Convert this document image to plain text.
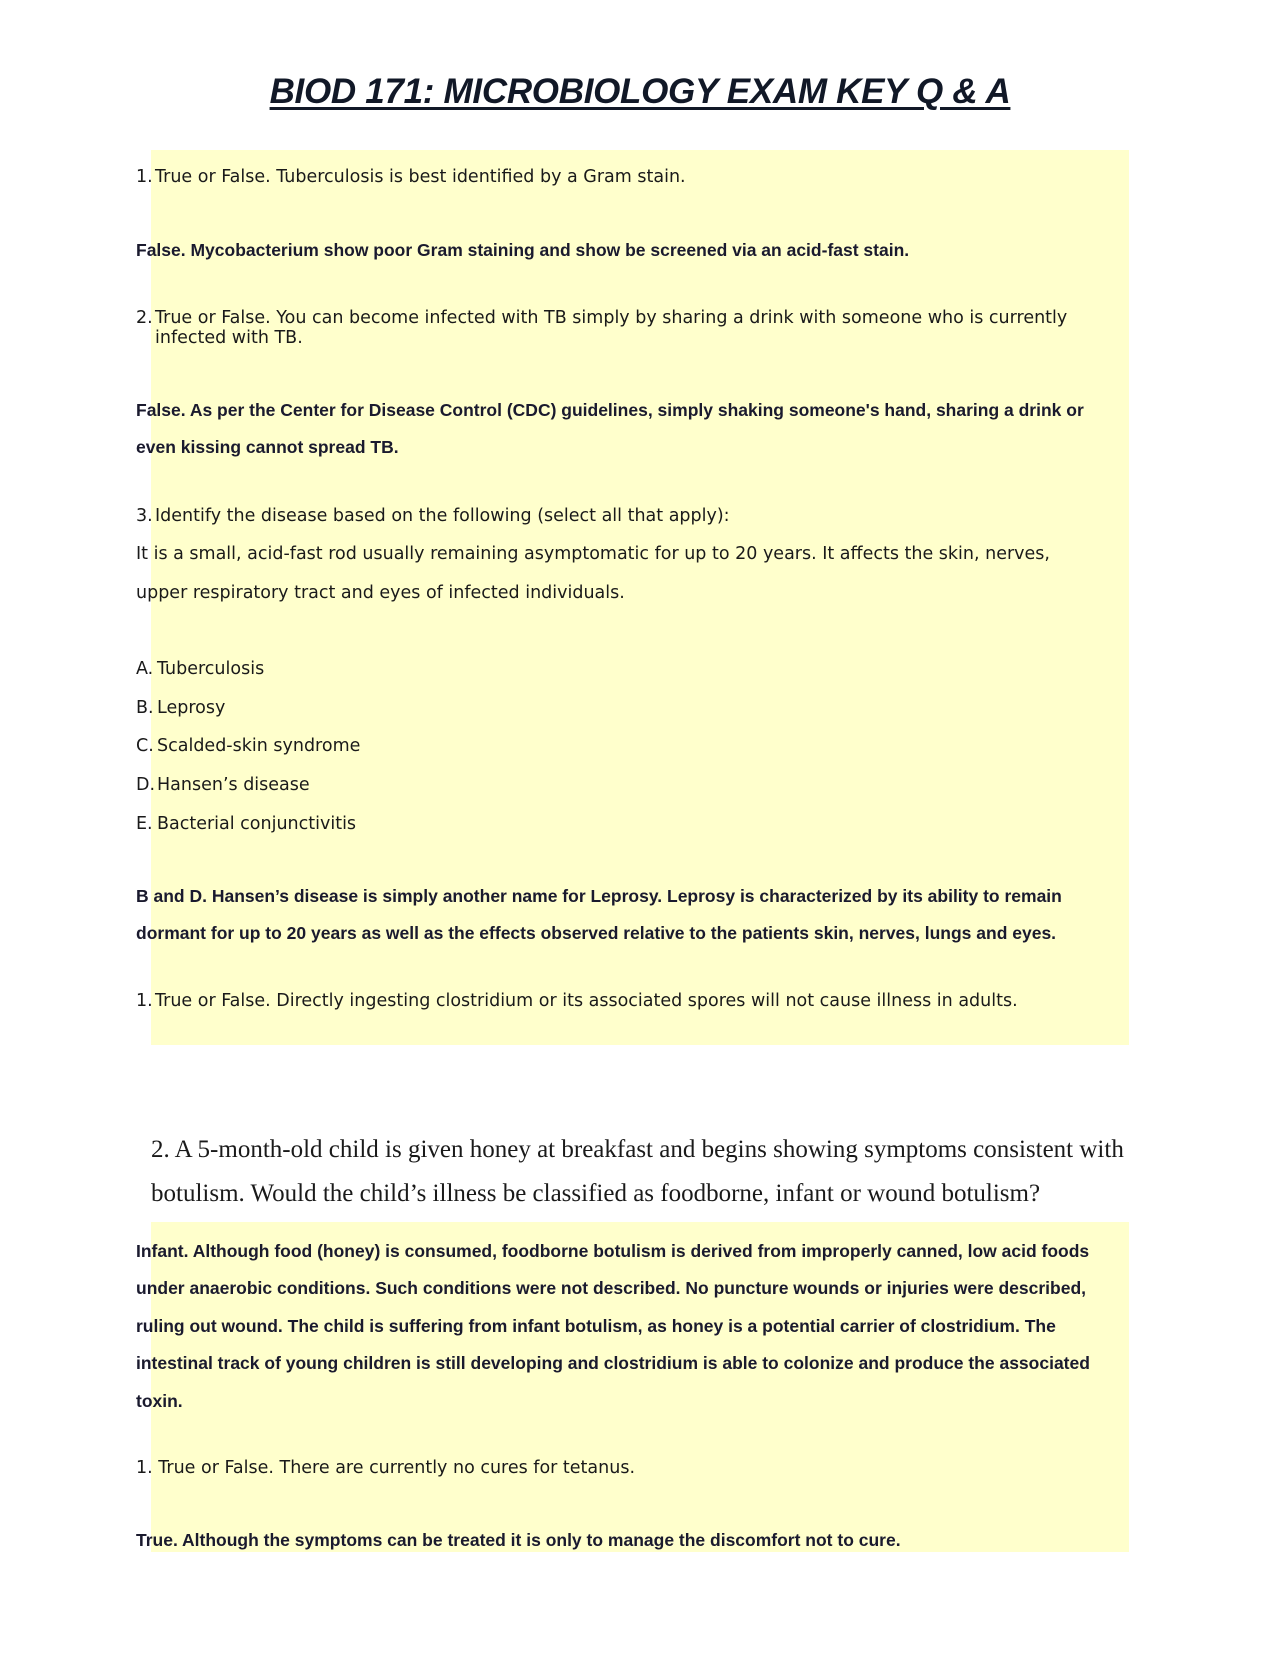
BIOD 171: MICROBIOLOGY EXAM KEY Q & A

1. True or False. Tuberculosis is best identified by a Gram stain.

False. Mycobacterium show poor Gram staining and show be screened via an acid-fast stain.

2. True or False. You can become infected with TB simply by sharing a drink with someone who is currently

infected with TB.

False. As per the Center for Disease Control (CDC) guidelines, simply shaking someone's hand, sharing a drink or

even kissing cannot spread TB.

3. Identify the disease based on the following (select all that apply):

It is a small, acid-fast rod usually remaining asymptomatic for up to 20 years. It affects the skin, nerves,

upper respiratory tract and eyes of infected individuals.

A. Tuberculosis

B. Leprosy

C. Scalded-skin syndrome

D. Hansen’s disease

E. Bacterial conjunctivitis

B and D. Hansen’s disease is simply another name for Leprosy. Leprosy is characterized by its ability to remain

dormant for up to 20 years as well as the effects observed relative to the patients skin, nerves, lungs and eyes.

1. True or False. Directly ingesting clostridium or its associated spores will not cause illness in adults.

2. A 5-month-old child is given honey at breakfast and begins showing symptoms consistent with

botulism. Would the child’s illness be classified as foodborne, infant or wound botulism?

Infant. Although food (honey) is consumed, foodborne botulism is derived from improperly canned, low acid foods

under anaerobic conditions. Such conditions were not described. No puncture wounds or injuries were described,

ruling out wound. The child is suffering from infant botulism, as honey is a potential carrier of clostridium. The

intestinal track of young children is still developing and clostridium is able to colonize and produce the associated

toxin.

1. True or False. There are currently no cures for tetanus.

True. Although the symptoms can be treated it is only to manage the discomfort not to cure.
